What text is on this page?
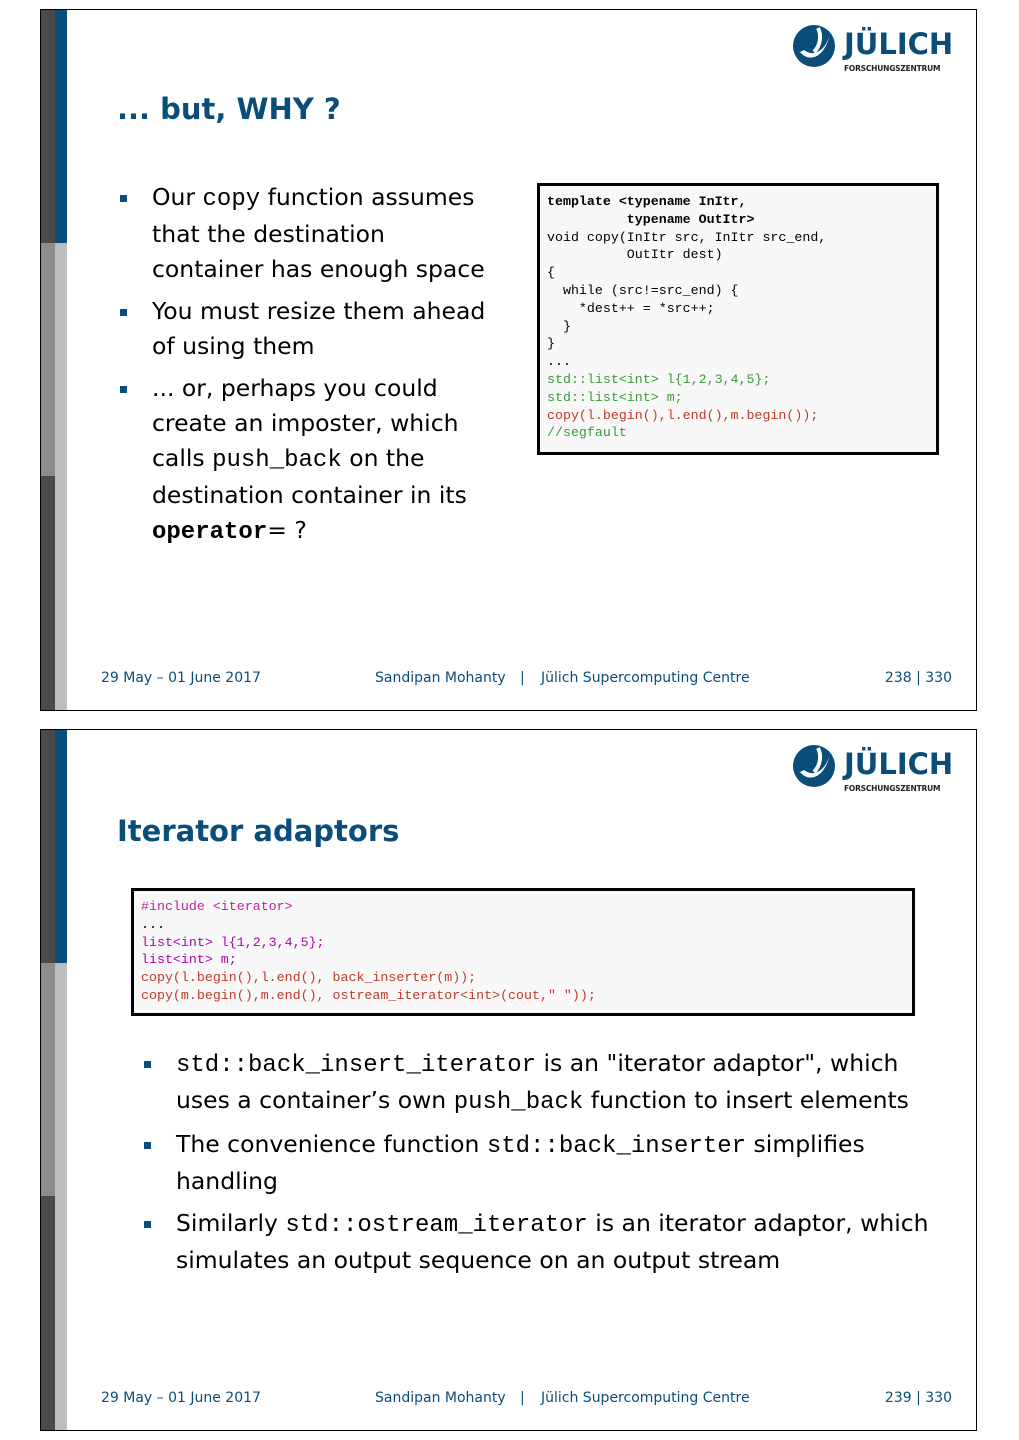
JÜLICH
FORSCHUNGSZENTRUM
... but, WHY ?
Our copy function assumes that the destination container has enough space
You must resize them ahead of using them
... or, perhaps you could create an imposter, which calls push_back on the destination container in its operator= ?
template <typename InItr,
typename OutItr>
void copy(InItr src, InItr src_end,
OutItr dest)
{
while (src!=src_end) {
*dest++ = *src++;
}
}
...
std::list<int> l{1,2,3,4,5};
std::list<int> m;
copy(l.begin(),l.end(),m.begin());
//segfault
29 May – 01 June 2017	Sandipan Mohanty | Jülich Supercomputing Centre	238 | 330
JÜLICH
FORSCHUNGSZENTRUM
Iterator adaptors
#include <iterator>
...
list<int> l{1,2,3,4,5};
list<int> m;
copy(l.begin(),l.end(), back_inserter(m));
copy(m.begin(),m.end(), ostream_iterator<int>(cout," "));
std::back_insert_iterator is an "iterator adaptor", which uses a container’s own push_back function to insert elements
The convenience function std::back_inserter simplifies handling
Similarly std::ostream_iterator is an iterator adaptor, which simulates an output sequence on an output stream
29 May – 01 June 2017	Sandipan Mohanty | Jülich Supercomputing Centre	239 | 330
